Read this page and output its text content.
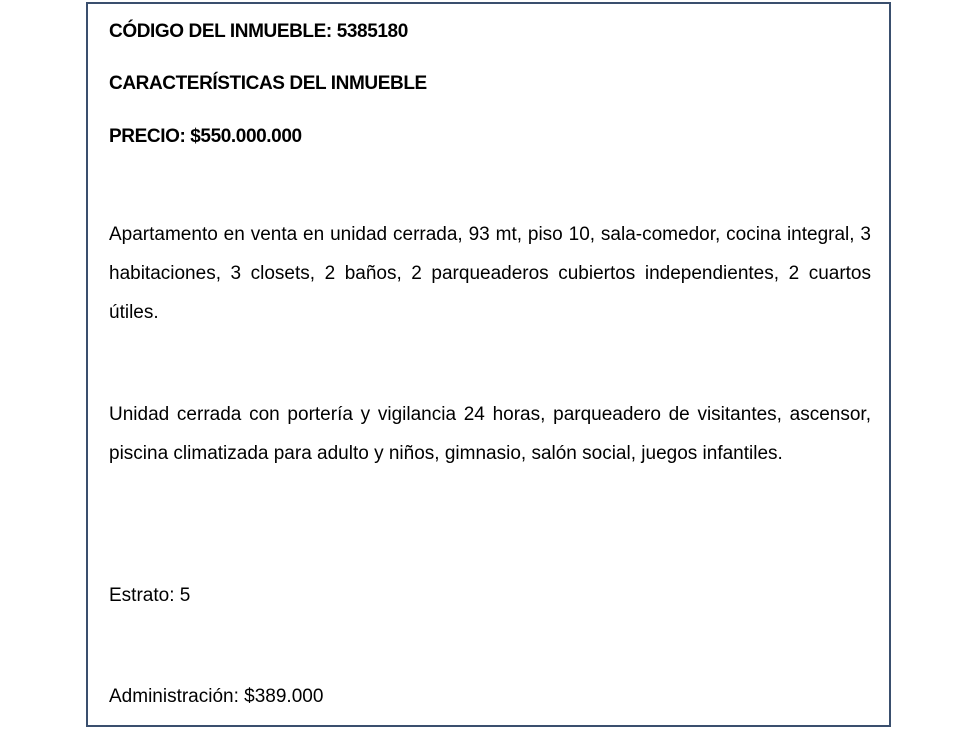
CÓDIGO DEL INMUEBLE: 5385180
CARACTERÍSTICAS DEL INMUEBLE
PRECIO: $550.000.000
Apartamento en venta en unidad cerrada, 93 mt, piso 10, sala-comedor, cocina integral, 3 habitaciones, 3 closets, 2 baños, 2 parqueaderos cubiertos independientes, 2 cuartos útiles.
Unidad cerrada con portería y vigilancia 24 horas, parqueadero de visitantes, ascensor, piscina climatizada para adulto y niños, gimnasio, salón social, juegos infantiles.
Estrato: 5
Administración: $389.000
